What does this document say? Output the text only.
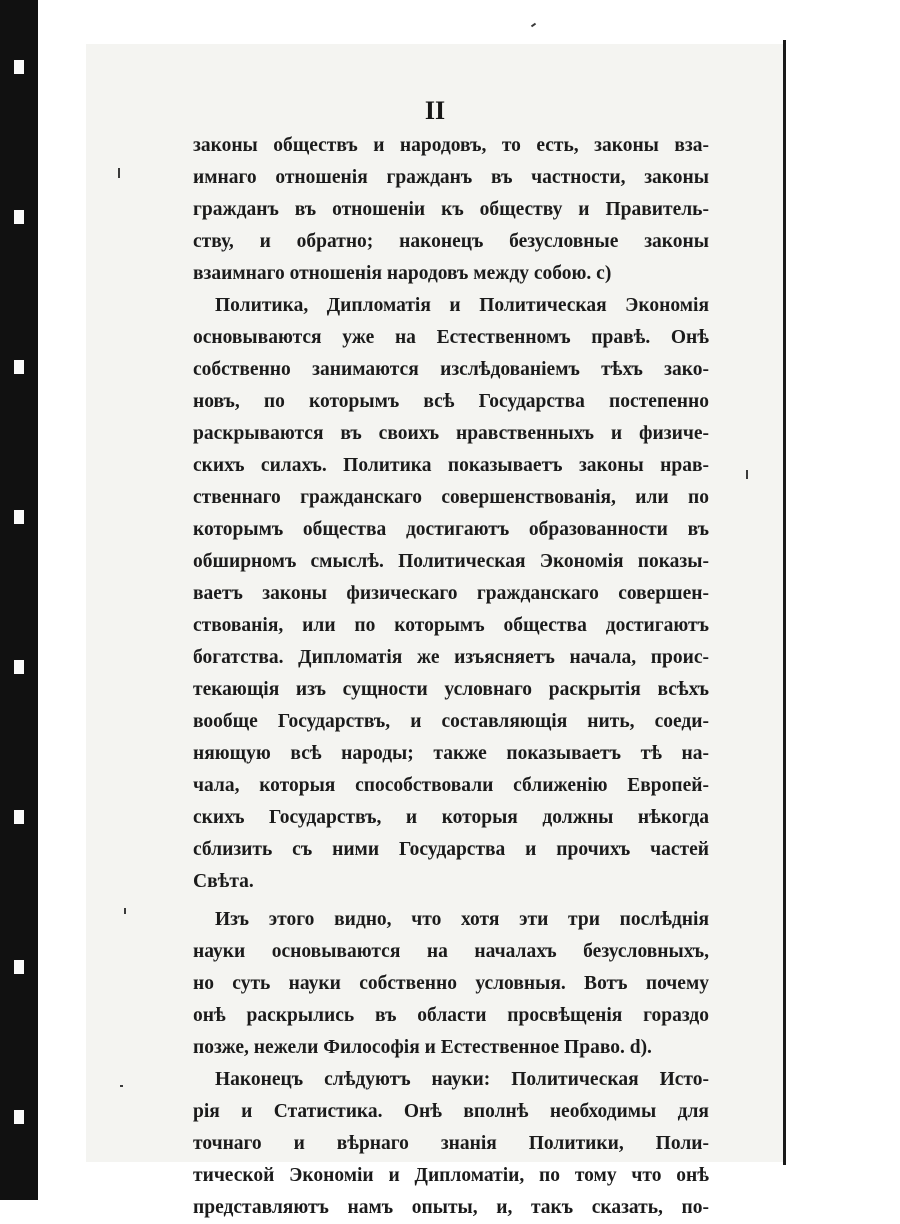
II
законы обществъ и народовъ, то есть, законы вза-
имнаго отношенія гражданъ въ частности, законы
гражданъ въ отношеніи къ обществу и Правитель-
ству, и обратно; наконецъ безусловные законы
взаимнаго отношенія народовъ между собою. с)
Политика, Дипломатія и Политическая Экономія
основываются уже на Естественномъ правѣ. Онѣ
собственно занимаются изслѣдованіемъ тѣхъ зако-
новъ, по которымъ всѣ Государства постепенно
раскрываются въ своихъ нравственныхъ и физиче-
скихъ силахъ. Политика показываетъ законы нрав-
ственнаго гражданскаго совершенствованія, или по
которымъ общества достигаютъ образованности въ
обширномъ смыслѣ. Политическая Экономія показы-
ваетъ законы физическаго гражданскаго совершен-
ствованія, или по которымъ общества достигаютъ
богатства. Дипломатія же изъясняетъ начала, проис-
текающія изъ сущности условнаго раскрытія всѣхъ
вообще Государствъ, и составляющія нить, соеди-
няющую всѣ народы; также показываетъ тѣ на-
чала, которыя способствовали сближенію Европей-
скихъ Государствъ, и которыя должны нѣкогда
сблизить съ ними Государства и прочихъ частей
Свѣта.
Изъ этого видно, что хотя эти три послѣднія
науки основываются на началахъ безусловныхъ,
но суть науки собственно условныя. Вотъ почему
онѣ раскрылись въ области просвѣщенія гораздо
позже, нежели Философія и Естественное Право. d).
Наконецъ слѣдуютъ науки: Политическая Исто-
рія и Статистика. Онѣ вполнѣ необходимы для
точнаго и вѣрнаго знанія Политики, Поли-
тической Экономіи и Дипломатіи, по тому что онѣ
представляютъ намъ опыты, и, такъ сказать, по-
